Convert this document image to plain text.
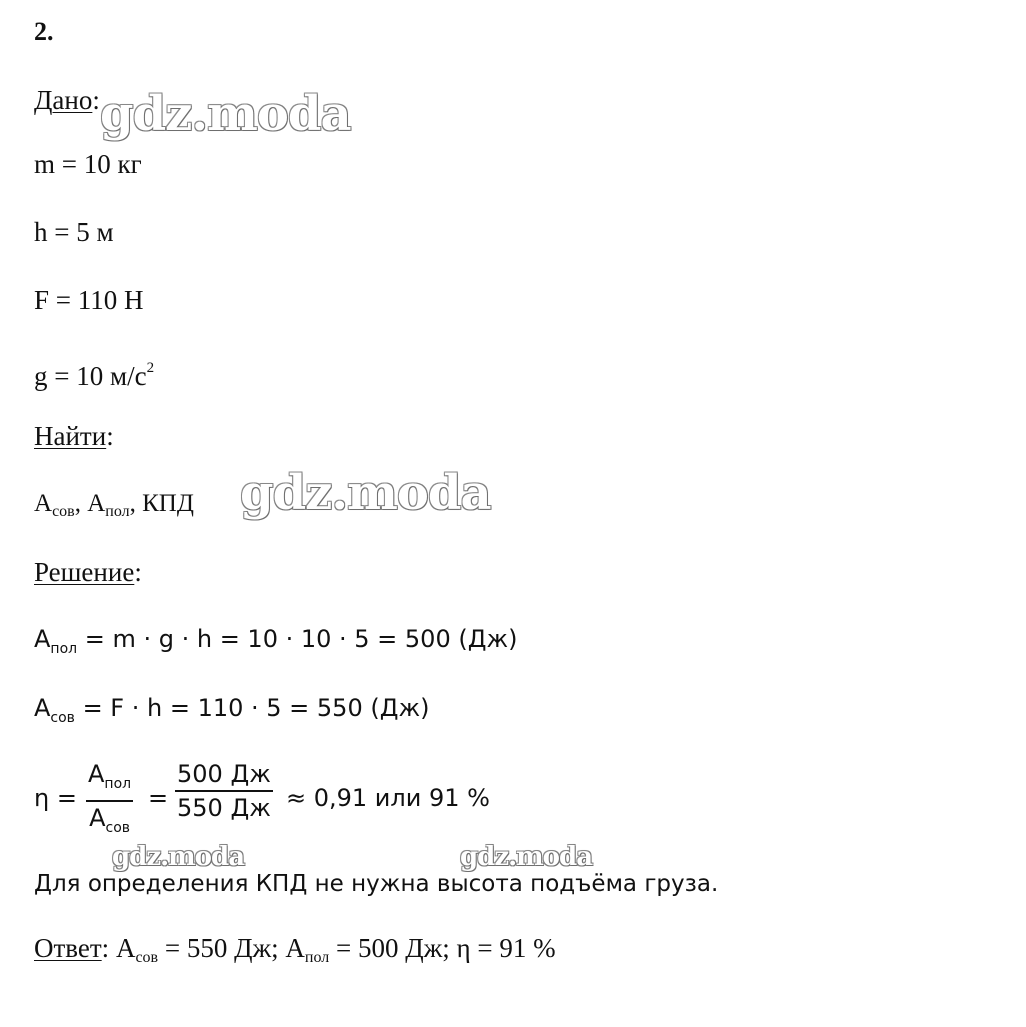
2.
Дано:
m = 10 кг
h = 5 м
F = 110 Н
g = 10 $м/с^2$
Найти:
$А_{сов}$, $А_{пол}$, КПД
Решение:
$A_{пол} = m \cdot g \cdot h = 10 \cdot 10 \cdot 5 = 500$ (Дж)
$A_{сов} = F \cdot h = 110 \cdot 5 = 550$ (Дж)
η =
$A_{пол}$
$A_{сов}$
=
500 Дж
550 Дж ≈ 0,91 или 91 %
Для определения КПД не нужна высота подъёма груза.
Ответ: $А_{сов} = 550$ Дж; $А_{пол} = 500$ Дж; η = 91 %
gdz.moda
gdz.moda
gdz.moda	gdz.moda
